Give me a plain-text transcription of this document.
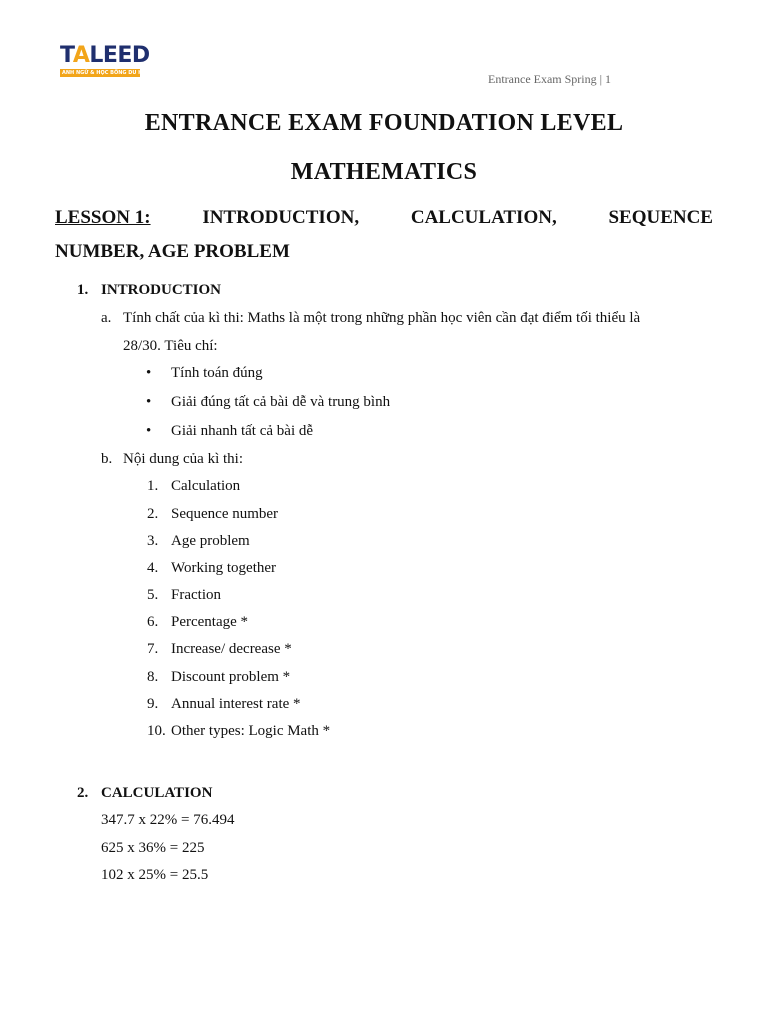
TALEED
ANH NGỮ & HỌC BỔNG DU HỌC	Entrance Exam Spring | 1
ENTRANCE EXAM FOUNDATION LEVEL
MATHEMATICS
LESSON 1:	INTRODUCTION,	CALCULATION,	SEQUENCE
NUMBER, AGE PROBLEM
1. INTRODUCTION
a. Tính chất của kì thi: Maths là một trong những phần học viên cần đạt điểm tối thiểu là
28/30. Tiêu chí:
• Tính toán đúng
• Giải đúng tất cả bài dễ và trung bình
• Giải nhanh tất cả bài dễ
b. Nội dung của kì thi:
1. Calculation
2. Sequence number
3. Age problem
4. Working together
5. Fraction
6. Percentage *
7. Increase/ decrease *
8. Discount problem *
9. Annual interest rate *
10. Other types: Logic Math *
2. CALCULATION
347.7 x 22% = 76.494
625 x 36% = 225
102 x 25% = 25.5
